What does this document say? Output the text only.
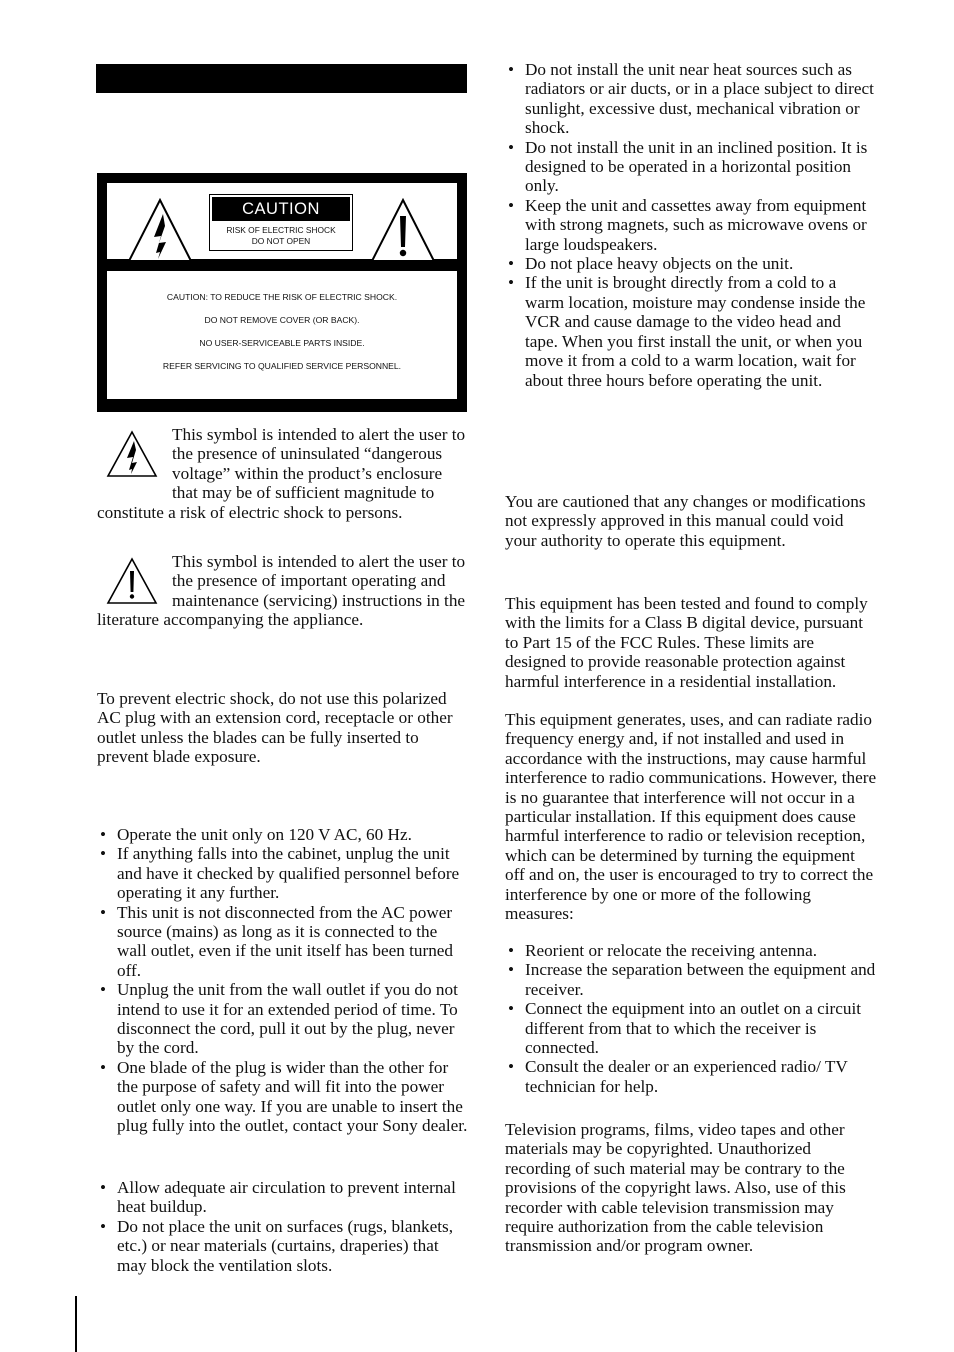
CAUTION
RISK OF ELECTRIC SHOCK
DO NOT OPEN

CAUTION: TO REDUCE THE RISK OF ELECTRIC SHOCK.

DO NOT REMOVE COVER (OR BACK).

NO USER-SERVICEABLE PARTS INSIDE.

REFER SERVICING TO QUALIFIED SERVICE PERSONNEL.

This symbol is intended to alert the user to the presence of uninsulated “dangerous voltage” within the product’s enclosure that may be of sufficient magnitude to constitute a risk of electric shock to persons.
This symbol is intended to alert the user to the presence of important operating and maintenance (servicing) instructions in the literature accompanying the appliance.

To prevent electric shock, do not use this polarized AC plug with an extension cord, receptacle or other outlet unless the blades can be fully inserted to prevent blade exposure.

• Operate the unit only on 120 V AC, 60 Hz.
• If anything falls into the cabinet, unplug the unit and have it checked by qualified personnel before operating it any further.
• This unit is not disconnected from the AC power source (mains) as long as it is connected to the wall outlet, even if the unit itself has been turned off.
• Unplug the unit from the wall outlet if you do not intend to use it for an extended period of time. To disconnect the cord, pull it out by the plug, never by the cord.
• One blade of the plug is wider than the other for the purpose of safety and will fit into the power outlet only one way. If you are unable to insert the plug fully into the outlet, contact your Sony dealer.
• Allow adequate air circulation to prevent internal heat buildup.
• Do not place the unit on surfaces (rugs, blankets, etc.) or near materials (curtains, draperies) that may block the ventilation slots.
• Do not install the unit near heat sources such as radiators or air ducts, or in a place subject to direct sunlight, excessive dust, mechanical vibration or shock.
• Do not install the unit in an inclined position. It is designed to be operated in a horizontal position only.
• Keep the unit and cassettes away from equipment with strong magnets, such as microwave ovens or large loudspeakers.
• Do not place heavy objects on the unit.
• If the unit is brought directly from a cold to a warm location, moisture may condense inside the VCR and cause damage to the video head and tape. When you first install the unit, or when you move it from a cold to a warm location, wait for about three hours before operating the unit.

You are cautioned that any changes or modifications not expressly approved in this manual could void your authority to operate this equipment.

This equipment has been tested and found to comply with the limits for a Class B digital device, pursuant to Part 15 of the FCC Rules. These limits are designed to provide reasonable protection against harmful interference in a residential installation.

This equipment generates, uses, and can radiate radio frequency energy and, if not installed and used in accordance with the instructions, may cause harmful interference to radio communications. However, there is no guarantee that interference will not occur in a particular installation. If this equipment does cause harmful interference to radio or television reception, which can be determined by turning the equipment off and on, the user is encouraged to try to correct the interference by one or more of the following measures:

• Reorient or relocate the receiving antenna.
• Increase the separation between the equipment and receiver.
• Connect the equipment into an outlet on a circuit different from that to which the receiver is connected.
• Consult the dealer or an experienced radio/ TV technician for help.

Television programs, films, video tapes and other materials may be copyrighted. Unauthorized recording of such material may be contrary to the provisions of the copyright laws. Also, use of this recorder with cable television transmission may require authorization from the cable television transmission and/or program owner.
